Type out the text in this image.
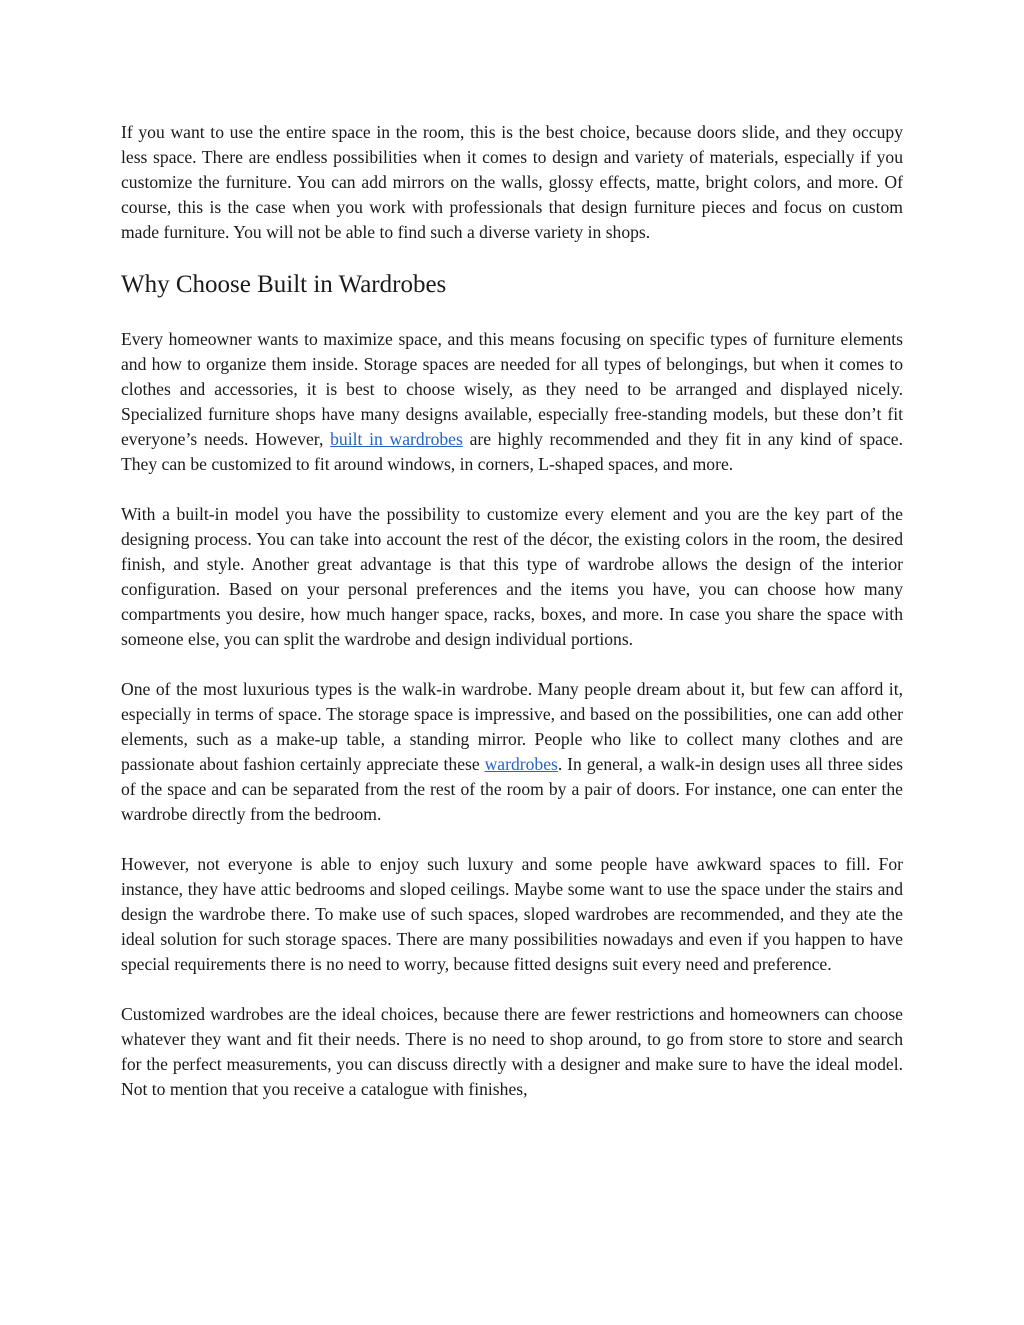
If you want to use the entire space in the room, this is the best choice, because doors slide, and they occupy less space. There are endless possibilities when it comes to design and variety of materials, especially if you customize the furniture. You can add mirrors on the walls, glossy effects, matte, bright colors, and more. Of course, this is the case when you work with professionals that design furniture pieces and focus on custom made furniture. You will not be able to find such a diverse variety in shops.

Why Choose Built in Wardrobes

Every homeowner wants to maximize space, and this means focusing on specific types of furniture elements and how to organize them inside. Storage spaces are needed for all types of belongings, but when it comes to clothes and accessories, it is best to choose wisely, as they need to be arranged and displayed nicely. Specialized furniture shops have many designs available, especially free-standing models, but these don’t fit everyone’s needs. However, built in wardrobes are highly recommended and they fit in any kind of space. They can be customized to fit around windows, in corners, L-shaped spaces, and more.

With a built-in model you have the possibility to customize every element and you are the key part of the designing process. You can take into account the rest of the décor, the existing colors in the room, the desired finish, and style. Another great advantage is that this type of wardrobe allows the design of the interior configuration. Based on your personal preferences and the items you have, you can choose how many compartments you desire, how much hanger space, racks, boxes, and more. In case you share the space with someone else, you can split the wardrobe and design individual portions.

One of the most luxurious types is the walk-in wardrobe. Many people dream about it, but few can afford it, especially in terms of space. The storage space is impressive, and based on the possibilities, one can add other elements, such as a make-up table, a standing mirror. People who like to collect many clothes and are passionate about fashion certainly appreciate these wardrobes. In general, a walk-in design uses all three sides of the space and can be separated from the rest of the room by a pair of doors. For instance, one can enter the wardrobe directly from the bedroom.

However, not everyone is able to enjoy such luxury and some people have awkward spaces to fill. For instance, they have attic bedrooms and sloped ceilings. Maybe some want to use the space under the stairs and design the wardrobe there. To make use of such spaces, sloped wardrobes are recommended, and they ate the ideal solution for such storage spaces. There are many possibilities nowadays and even if you happen to have special requirements there is no need to worry, because fitted designs suit every need and preference.

Customized wardrobes are the ideal choices, because there are fewer restrictions and homeowners can choose whatever they want and fit their needs. There is no need to shop around, to go from store to store and search for the perfect measurements, you can discuss directly with a designer and make sure to have the ideal model. Not to mention that you receive a catalogue with finishes,
